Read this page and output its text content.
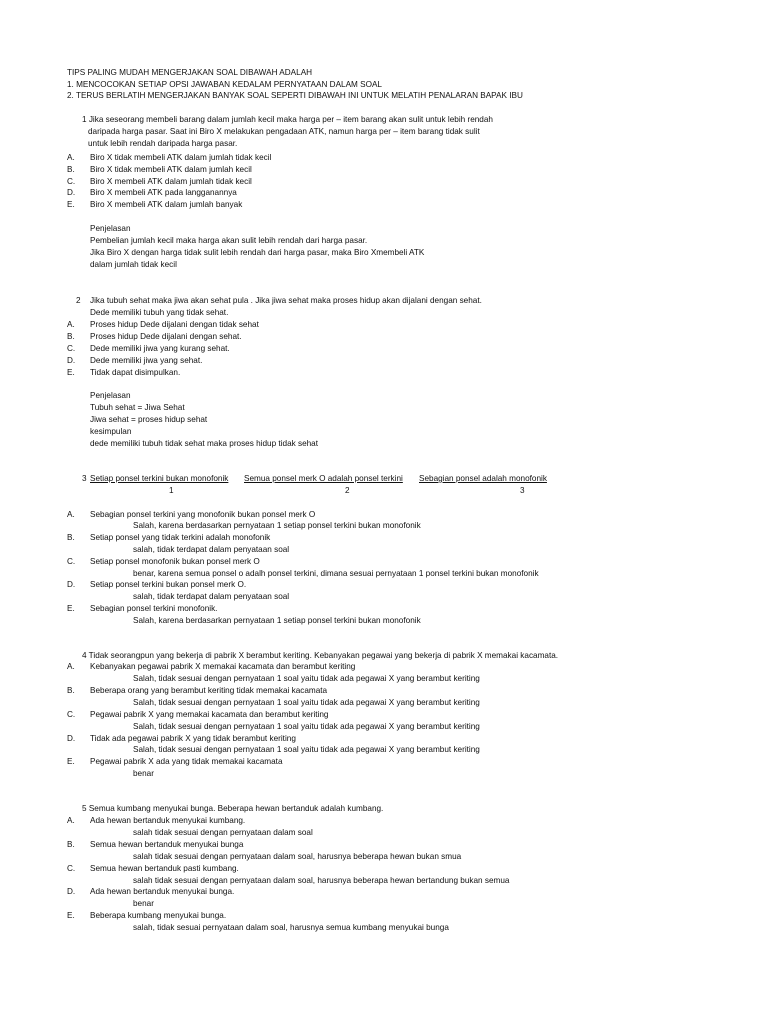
TIPS PALING MUDAH MENGERJAKAN SOAL DIBAWAH ADALAH
1. MENCOCOKAN SETIAP OPSI JAWABAN KEDALAM PERNYATAAN DALAM SOAL
2. TERUS BERLATIH MENGERJAKAN BANYAK SOAL SEPERTI DIBAWAH INI UNTUK MELATIH PENALARAN BAPAK IBU
1 Jika seseorang membeli barang dalam jumlah kecil maka harga per – item barang akan sulit untuk lebih rendah
daripada harga pasar. Saat ini Biro X melakukan pengadaan ATK, namun harga per – item barang tidak sulit
untuk lebih rendah daripada harga pasar.
A. Biro X tidak membeli ATK dalam jumlah tidak kecil
B. Biro X tidak membeli ATK dalam jumlah kecil
C. Biro X membeli ATK dalam jumlah tidak kecil
D. Biro X membeli ATK pada langganannya
E. Biro X membeli ATK dalam jumlah banyak
Penjelasan
Pembelian jumlah kecil maka harga akan sulit lebih rendah dari harga pasar.
Jika Biro X dengan harga tidak sulit lebih rendah dari harga pasar, maka Biro Xmembeli ATK
dalam jumlah tidak kecil
2 Jika tubuh sehat maka jiwa akan sehat pula . Jika jiwa sehat maka proses hidup akan dijalani dengan sehat.
Dede memiliki tubuh yang tidak sehat.
A. Proses hidup Dede dijalani dengan tidak sehat
B. Proses hidup Dede dijalani dengan sehat.
C. Dede memiliki jiwa yang kurang sehat.
D. Dede memiliki jiwa yang sehat.
E. Tidak dapat disimpulkan.
Penjelasan
Tubuh sehat = Jiwa Sehat
Jiwa sehat = proses hidup sehat
kesimpulan
dede memiliki tubuh tidak sehat maka proses hidup tidak sehat
3 Setiap ponsel terkini bukan monofonik Semua ponsel merk O adalah ponsel terkini Sebagian ponsel adalah monofonik
1	2	3
A. Sebagian ponsel terkini yang monofonik bukan ponsel merk O
Salah, karena berdasarkan pernyataan 1 setiap ponsel terkini bukan monofonik
B. Setiap ponsel yang tidak terkini adalah monofonik
salah, tidak terdapat dalam penyataan soal
C. Setiap ponsel monofonik bukan ponsel merk O
benar, karena semua ponsel o adalh ponsel terkini, dimana sesuai pernyataan 1 ponsel terkini bukan monofonik
D. Setiap ponsel terkini bukan ponsel merk O.
salah, tidak terdapat dalam penyataan soal
E. Sebagian ponsel terkini monofonik.
Salah, karena berdasarkan pernyataan 1 setiap ponsel terkini bukan monofonik
4 Tidak seorangpun yang bekerja di pabrik X berambut keriting. Kebanyakan pegawai yang bekerja di pabrik X memakai kacamata.
A. Kebanyakan pegawai pabrik X memakai kacamata dan berambut keriting
Salah, tidak sesuai dengan pernyataan 1 soal yaitu tidak ada pegawai X yang berambut keriting
B. Beberapa orang yang berambut keriting tidak memakai kacamata
Salah, tidak sesuai dengan pernyataan 1 soal yaitu tidak ada pegawai X yang berambut keriting
C. Pegawai pabrik X yang memakai kacamata dan berambut keriting
Salah, tidak sesuai dengan pernyataan 1 soal yaitu tidak ada pegawai X yang berambut keriting
D. Tidak ada pegawai pabrik X yang tidak berambut keriting
Salah, tidak sesuai dengan pernyataan 1 soal yaitu tidak ada pegawai X yang berambut keriting
E. Pegawai pabrik X ada yang tidak memakai kacamata
benar
5 Semua kumbang menyukai bunga. Beberapa hewan bertanduk adalah kumbang.
A. Ada hewan bertanduk menyukai kumbang.
salah tidak sesuai dengan pernyataan dalam soal
B. Semua hewan bertanduk menyukai bunga
salah tidak sesuai dengan pernyataan dalam soal, harusnya beberapa hewan bukan smua
C. Semua hewan bertanduk pasti kumbang.
salah tidak sesuai dengan pernyataan dalam soal, harusnya beberapa hewan bertandung bukan semua
D. Ada hewan bertanduk menyukai bunga.
benar
E. Beberapa kumbang menyukai bunga.
salah, tidak sesuai pernyataan dalam soal, harusnya semua kumbang menyukai bunga
